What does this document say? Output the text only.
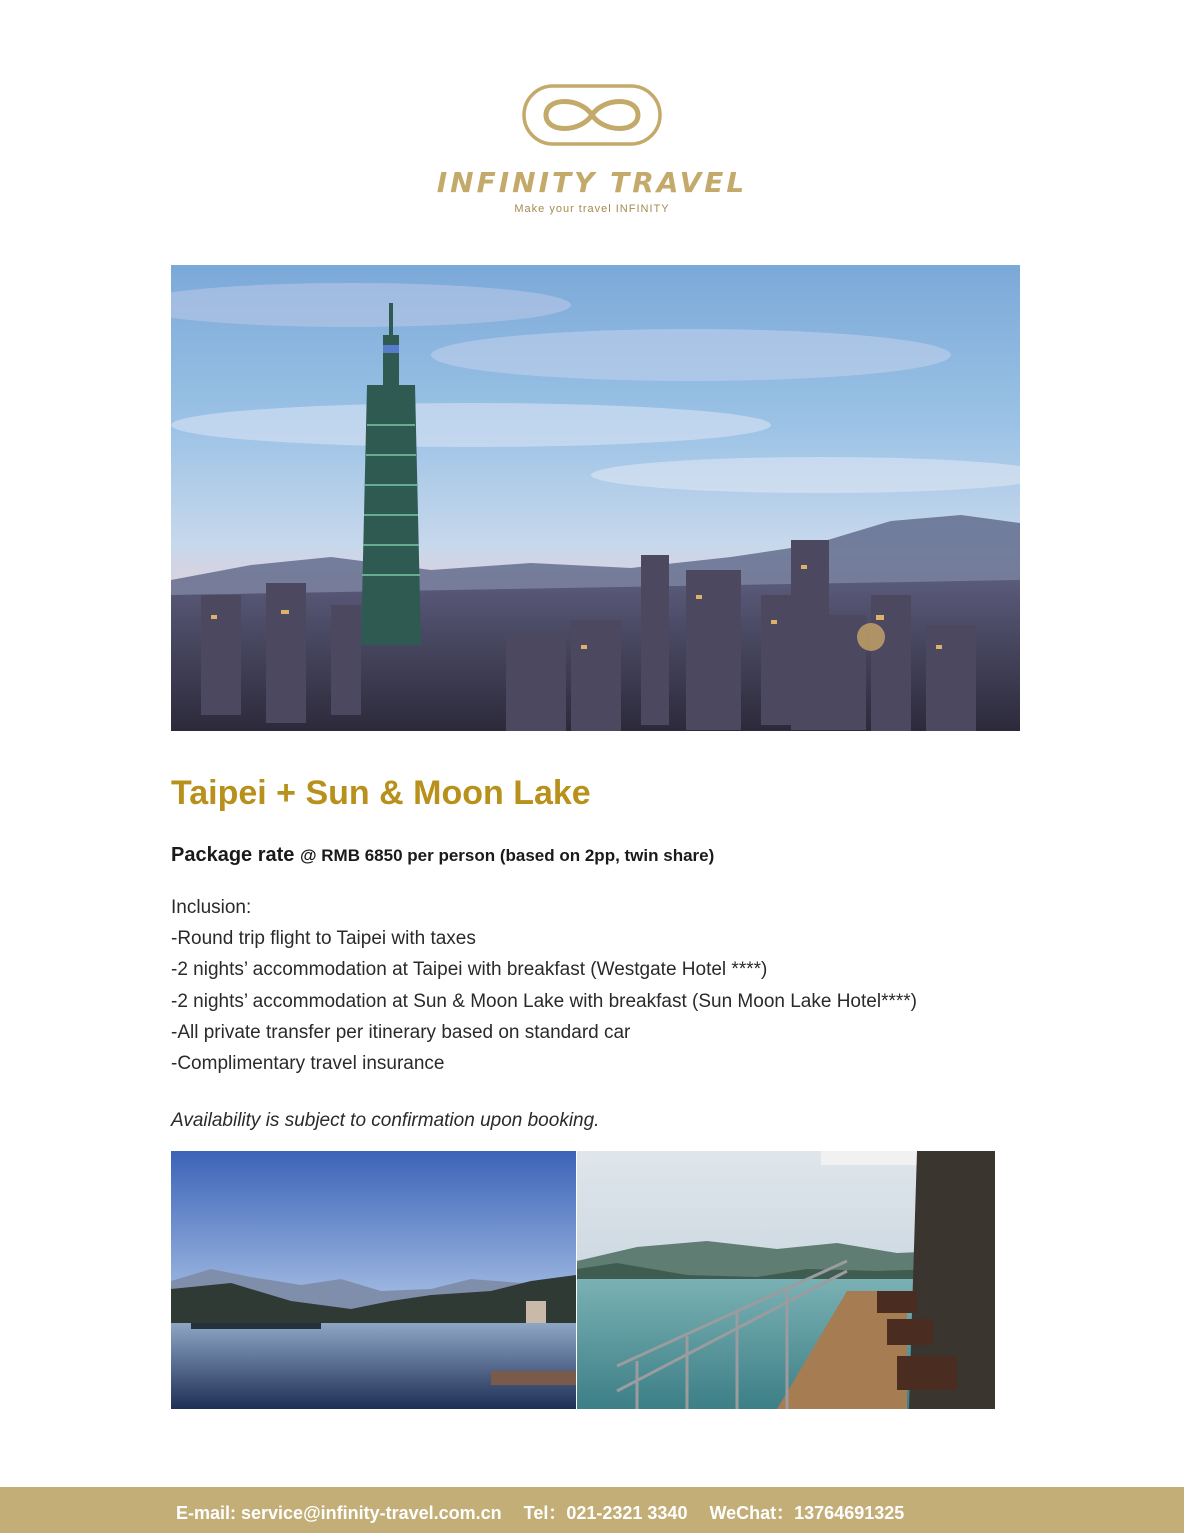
INFINITY TRAVEL
Make your travel INFINITY
Taipei + Sun & Moon Lake
Package rate @ RMB 6850 per person (based on 2pp, twin share)
Inclusion:
-Round trip flight to Taipei with taxes
-2 nights’ accommodation at Taipei with breakfast (Westgate Hotel ****)
-2 nights’ accommodation at Sun & Moon Lake with breakfast (Sun Moon Lake Hotel****)
-All private transfer per itinerary based on standard car
-Complimentary travel insurance
Availability is subject to confirmation upon booking.
E-mail: service@infinity-travel.com.cn Tel：021-2321 3340 WeChat：13764691325
